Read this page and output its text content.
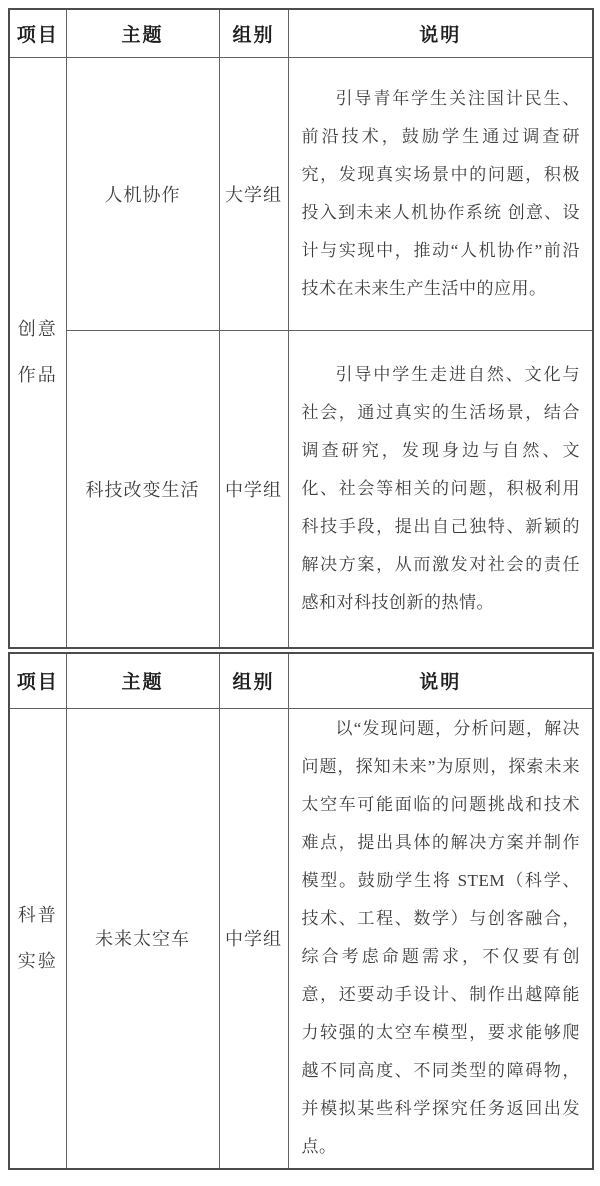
项目	主题	组别	说明
创意作品	人机协作	大学组	引导青年学生关注国计民生、前沿技术，鼓励学生通过调查研究，发现真实场景中的问题，积极投入到未来人机协作系统 创意、设计与实现中，推动“人机协作”前沿技术在未来生产生活中的应用。

	科技改变生活	中学组	引导中学生走进自然、文化与社会，通过真实的生活场景，结合调查研究，发现身边与自然、文化、社会等相关的问题，积极利用科技手段，提出自己独特、新颖的解决方案，从而激发对社会的责任感和对科技创新的热情。

项目	主题	组别	说明
科普实验	未来太空车	中学组	以“发现问题，分析问题，解决问题，探知未来”为原则，探索未来太空车可能面临的问题挑战和技术难点，提出具体的解决方案并制作模型。鼓励学生将 STEM（科学、技术、工程、数学）与创客融合，综合考虑命题需求，不仅要有创意，还要动手设计、制作出越障能力较强的太空车模型，要求能够爬越不同高度、不同类型的障碍物，并模拟某些科学探究任务返回出发点。
